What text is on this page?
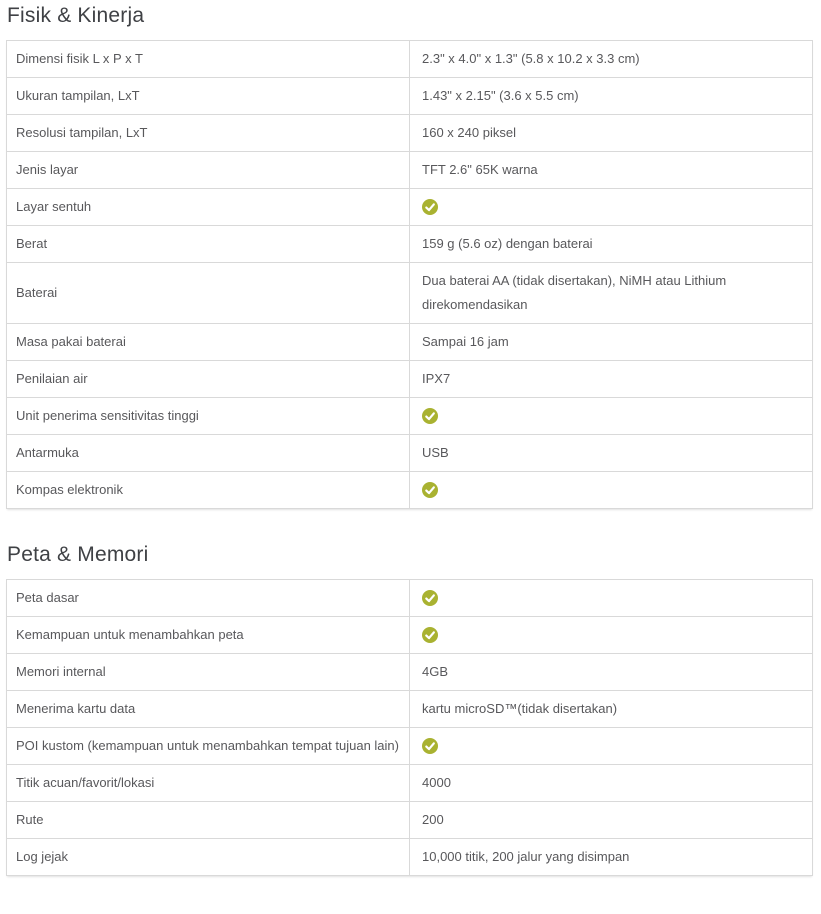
Fisik & Kinerja
Dimensi fisik L x P x T	2.3" x 4.0" x 1.3" (5.8 x 10.2 x 3.3 cm)
Ukuran tampilan, LxT	1.43" x 2.15" (3.6 x 5.5 cm)
Resolusi tampilan, LxT	160 x 240 piksel
Jenis layar	TFT 2.6" 65K warna
Layar sentuh	
Berat	159 g (5.6 oz) dengan baterai
Baterai	Dua baterai AA (tidak disertakan), NiMH atau Lithium direkomendasikan
Masa pakai baterai	Sampai 16 jam
Penilaian air	IPX7
Unit penerima sensitivitas tinggi	
Antarmuka	USB
Kompas elektronik	
Peta & Memori
Peta dasar	
Kemampuan untuk menambahkan peta	
Memori internal	4GB
Menerima kartu data	kartu microSD™(tidak disertakan)
POI kustom (kemampuan untuk menambahkan tempat tujuan lain)	
Titik acuan/favorit/lokasi	4000
Rute	200
Log jejak	10,000 titik, 200 jalur yang disimpan
